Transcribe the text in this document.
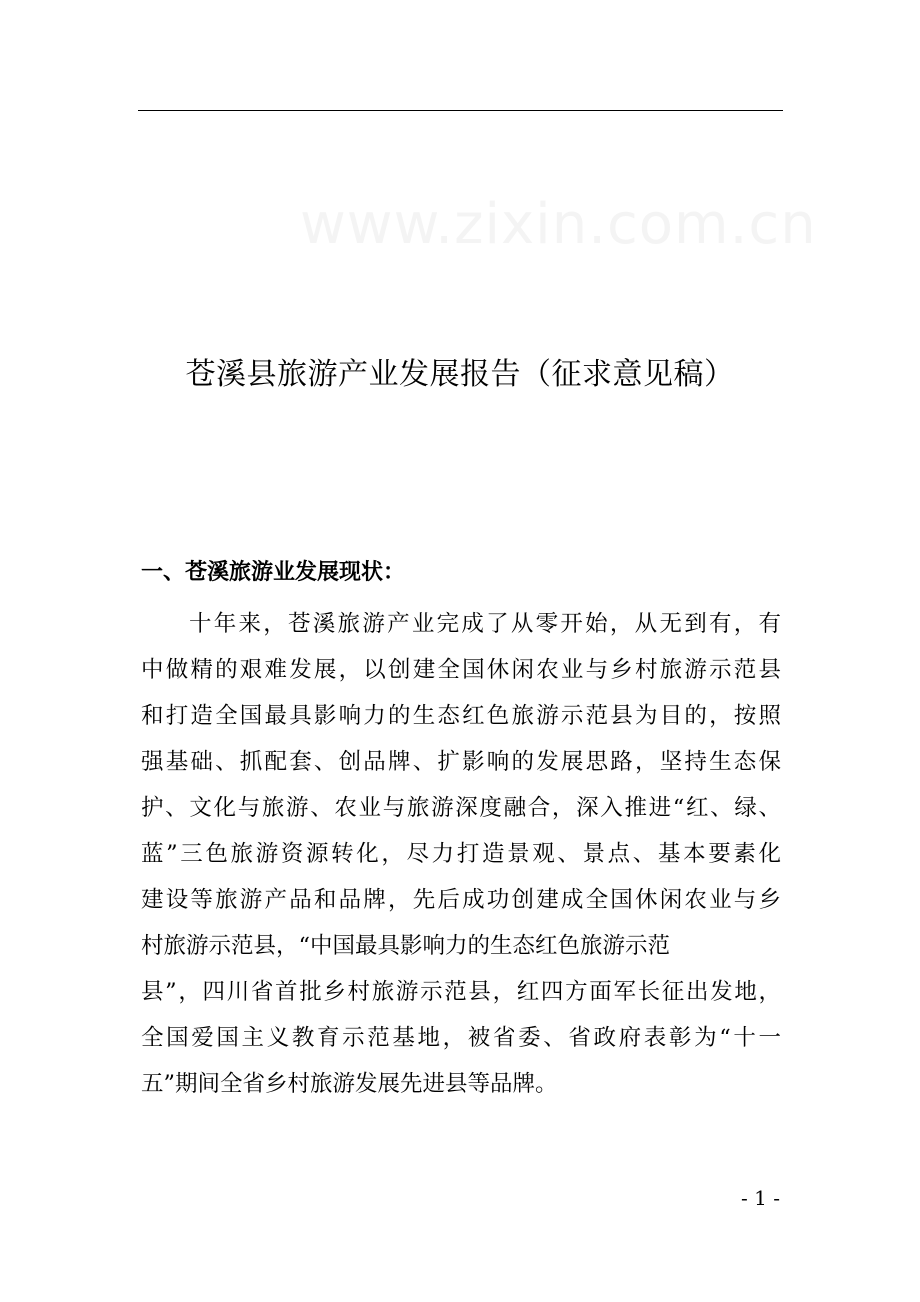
www.zixin.com.cn
苍溪县旅游产业发展报告（征求意见稿）
一、苍溪旅游业发展现状：
十年来，苍溪旅游产业完成了从零开始，从无到有，有
中做精的艰难发展，以创建全国休闲农业与乡村旅游示范县
和打造全国最具影响力的生态红色旅游示范县为目的，按照
强基础、抓配套、创品牌、扩影响的发展思路，坚持生态保
护、文化与旅游、农业与旅游深度融合，深入推进“红、绿、
蓝”三色旅游资源转化，尽力打造景观、景点、基本要素化
建设等旅游产品和品牌，先后成功创建成全国休闲农业与乡
村旅游示范县，“中国最具影响力的生态红色旅游示范
县”，四川省首批乡村旅游示范县，红四方面军长征出发地，
全国爱国主义教育示范基地，被省委、省政府表彰为“十一
五”期间全省乡村旅游发展先进县等品牌。
- 1 -
